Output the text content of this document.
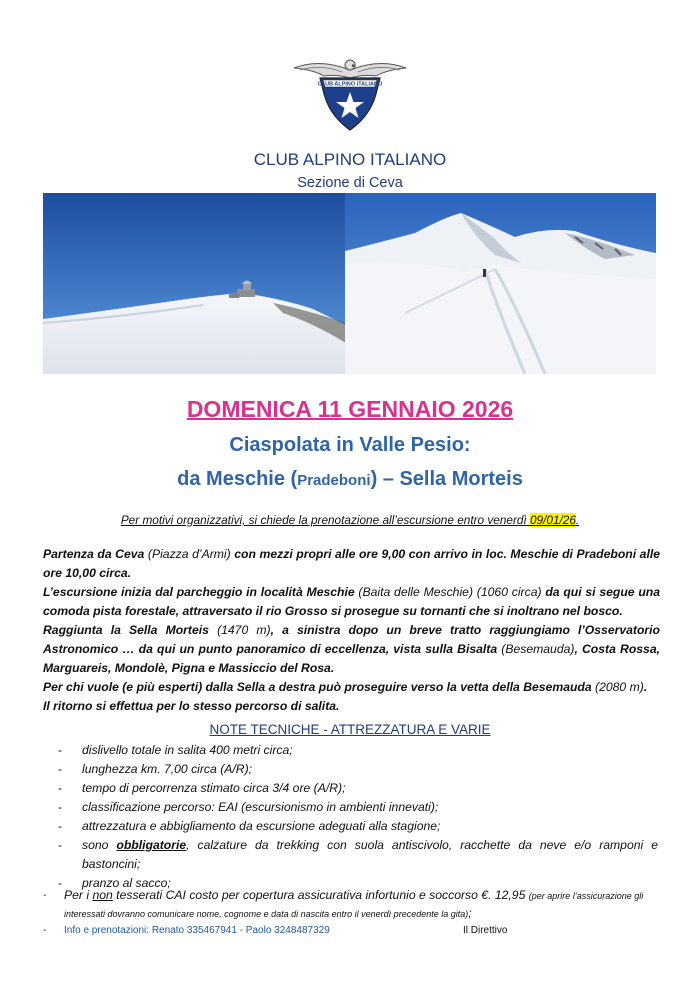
CLUB ALPINO ITALIANO
CLUB ALPINO ITALIANO
Sezione di Ceva
DOMENICA 11 GENNAIO 2026
Ciaspolata in Valle Pesio:
da Meschie (Pradeboni) – Sella Morteis
Per motivi organizzativi, si chiede la prenotazione all’escursione entro venerdì 09/01/26.

Partenza da Ceva (Piazza d’Armi) con mezzi propri alle ore 9,00 con arrivo in loc. Meschie di Pradeboni alle ore 10,00 circa.

L’escursione inizia dal parcheggio in località Meschie (Baita delle Meschie) (1060 circa) da qui si segue una comoda pista forestale, attraversato il rio Grosso si prosegue su tornanti che si inoltrano nel bosco.

Raggiunta la Sella Morteis (1470 m), a sinistra dopo un breve tratto raggiungiamo l’Osservatorio Astronomico … da qui un punto panoramico di eccellenza, vista sulla Bisalta (Besemauda), Costa Rossa, Marguareis, Mondolè, Pigna e Massiccio del Rosa.

Per chi vuole (e più esperti) dalla Sella a destra può proseguire verso la vetta della Besemauda (2080 m).

Il ritorno si effettua per lo stesso percorso di salita.

NOTE TECNICHE - ATTREZZATURA E VARIE
- dislivello totale in salita 400 metri circa;
- lunghezza km. 7,00 circa (A/R);
- tempo di percorrenza stimato circa 3/4 ore (A/R);
- classificazione percorso: EAI (escursionismo in ambienti innevati);
- attrezzatura e abbigliamento da escursione adeguati alla stagione;
- sono obbligatorie, calzature da trekking con suola antiscivolo, racchette da neve e/o ramponi e bastoncini;
- pranzo al sacco;
-	Per i non tesserati CAI costo per copertura assicurativa infortunio e soccorso €. 12,95 (per aprire l’assicurazione gli interessati dovranno comunicare nome, cognome e data di nascita entro il venerdì precedente la gita);
- Info e prenotazioni: Renato 335467941 - Paolo 3248487329	Il Direttivo
